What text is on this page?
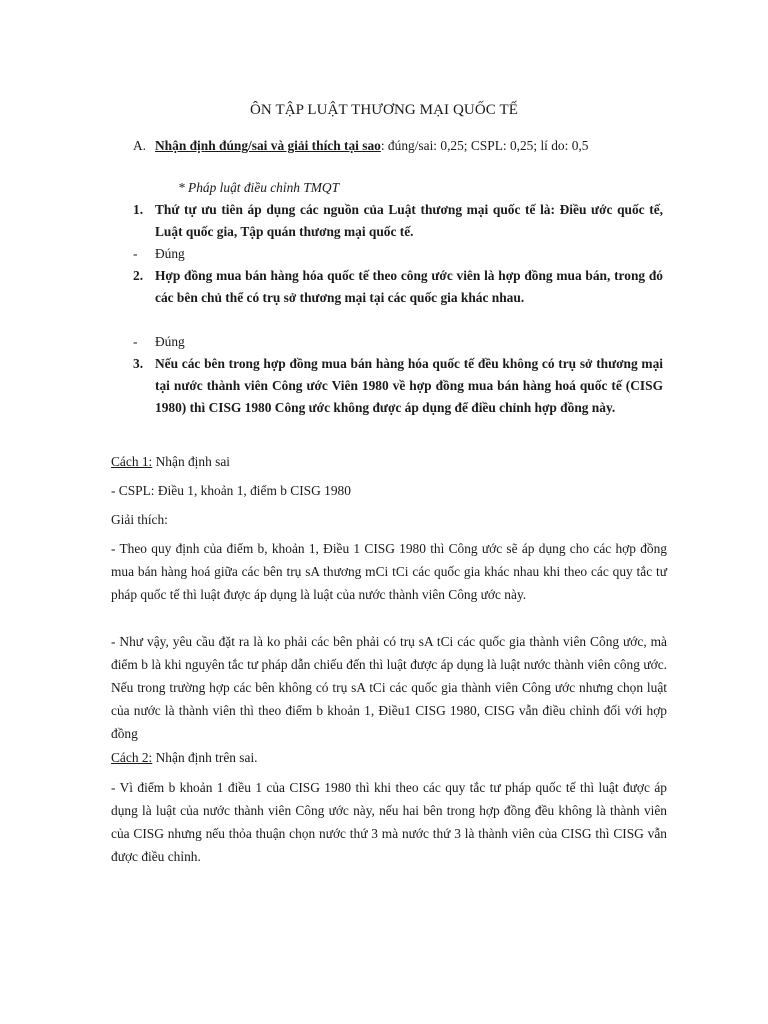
ÔN TẬP LUẬT THƯƠNG MẠI QUỐC TẾ
A. Nhận định đúng/sai và giải thích tại sao: đúng/sai: 0,25; CSPL: 0,25; lí do: 0,5
* Pháp luật điều chỉnh TMQT
1. Thứ tự ưu tiên áp dụng các nguồn của Luật thương mại quốc tế là: Điều ước quốc tế, Luật quốc gia, Tập quán thương mại quốc tế.
-	Đúng
2. Hợp đồng mua bán hàng hóa quốc tế theo công ước viên là hợp đồng mua bán, trong đó các bên chủ thể có trụ sở thương mại tại các quốc gia khác nhau.
-	Đúng
3. Nếu các bên trong hợp đồng mua bán hàng hóa quốc tế đều không có trụ sở thương mại tại nước thành viên Công ước Viên 1980 về hợp đồng mua bán hàng hoá quốc tế (CISG 1980) thì CISG 1980 Công ước không được áp dụng để điều chỉnh hợp đồng này.
Cách 1: Nhận định sai
- CSPL: Điều 1, khoản 1, điểm b CISG 1980
Giải thích:
- Theo quy định của điểm b, khoản 1, Điều 1 CISG 1980 thì Công ước sẽ áp dụng cho các hợp đồng mua bán hàng hoá giữa các bên trụ sA thương mCi tCi các quốc gia khác nhau khi theo các quy tắc tư pháp quốc tế thì luật được áp dụng là luật của nước thành viên Công ước này.
- Như vậy, yêu cầu đặt ra là ko phải các bên phải có trụ sA tCi các quốc gia thành viên Công ước, mà điểm b là khi nguyên tắc tư pháp dẫn chiếu đến thì luật được áp dụng là luật nước thành viên công ước. Nếu trong trường hợp các bên không có trụ sA tCi các quốc gia thành viên Công ước nhưng chọn luật của nước là thành viên thì theo điểm b khoản 1, Điều1 CISG 1980, CISG vẫn điều chỉnh đối với hợp đồng
Cách 2: Nhận định trên sai.
- Vì điểm b khoản 1 điều 1 của CISG 1980 thì khi theo các quy tắc tư pháp quốc tế thì luật được áp dụng là luật của nước thành viên Công ước này, nếu hai bên trong hợp đồng đều không là thành viên của CISG nhưng nếu thỏa thuận chọn nước thứ 3 mà nước thứ 3 là thành viên của CISG thì CISG vẫn được điều chỉnh.
